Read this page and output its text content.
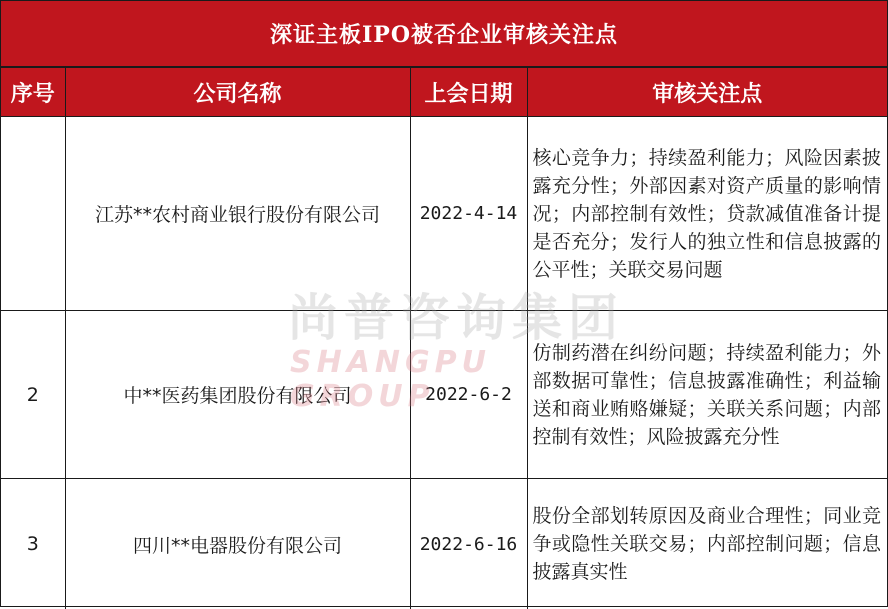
深证主板IPO被否企业审核关注点
序号	公司名称	上会日期	审核关注点
	江苏**农村商业银行股份有限公司	2022-4-14	核心竞争力；持续盈利能力；风险因素披露充分性；外部因素对资产质量的影响情况；内部控制有效性；贷款减值准备计提是否充分；发行人的独立性和信息披露的公平性；关联交易问题
2	中**医药集团股份有限公司	2022-6-2	仿制药潜在纠纷问题；持续盈利能力；外部数据可靠性；信息披露准确性；利益输送和商业贿赂嫌疑；关联关系问题；内部控制有效性；风险披露充分性
3	四川**电器股份有限公司	2022-6-16	股份全部划转原因及商业合理性；同业竞争或隐性关联交易；内部控制问题；信息披露真实性
尚普咨询集团
SHANGPU GROUP
